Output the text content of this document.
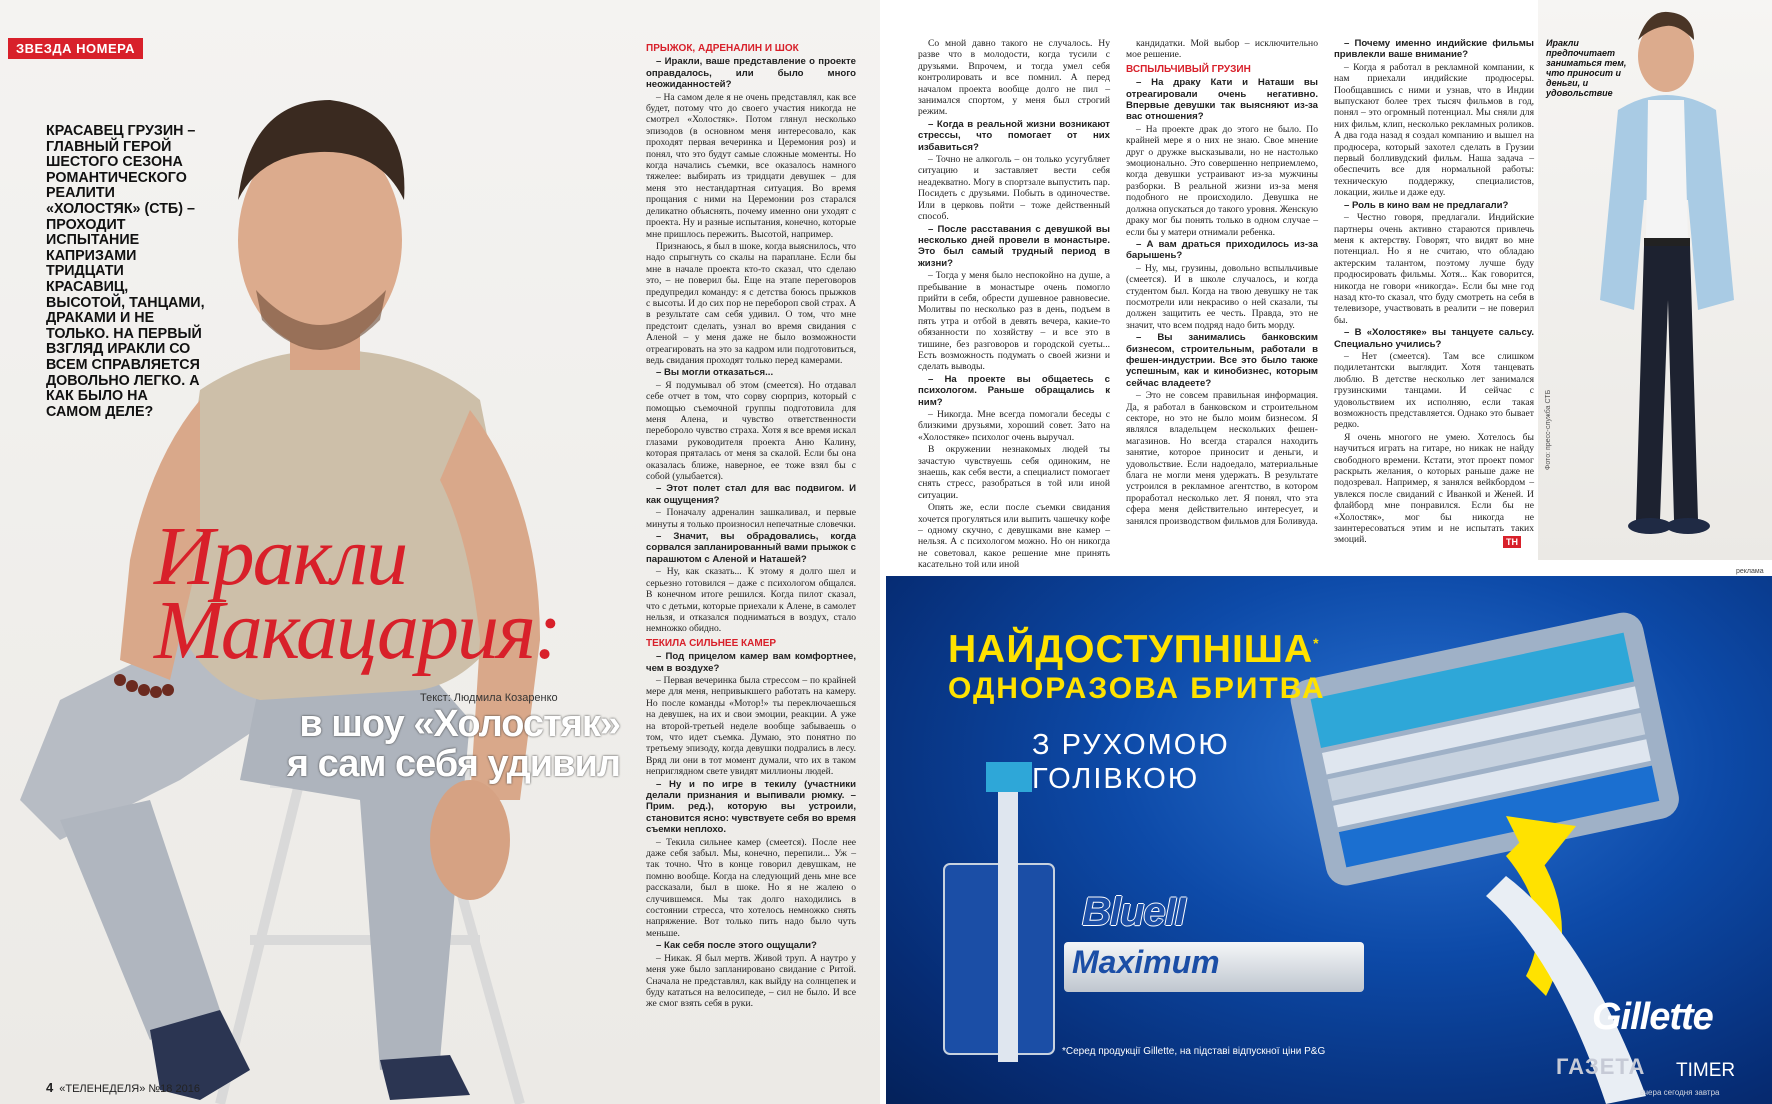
ЗВЕЗДА НОМЕРА
КРАСАВЕЦ ГРУЗИН – ГЛАВНЫЙ ГЕРОЙ ШЕСТОГО СЕЗОНА РОМАНТИЧЕСКОГО РЕАЛИТИ «ХОЛОСТЯК» (СТБ) – ПРОХОДИТ ИСПЫТАНИЕ КАПРИЗАМИ ТРИДЦАТИ КРАСАВИЦ, ВЫСОТОЙ, ТАНЦАМИ, ДРАКАМИ И НЕ ТОЛЬКО. НА ПЕРВЫЙ ВЗГЛЯД ИРАКЛИ СО ВСЕМ СПРАВЛЯЕТСЯ ДОВОЛЬНО ЛЕГКО. А КАК БЫЛО НА САМОМ ДЕЛЕ?
Иракли
Макацария:
Текст: Людмила Козаренко
в шоу «Холостяк»
я сам себя удивил
4 «ТЕЛЕНЕДЕЛЯ» №18 2016
ПРЫЖОК, АДРЕНАЛИН И ШОК

– Иракли, ваше представление о проекте оправдалось, или было много неожиданностей?

– На самом деле я не очень представлял, как все будет, потому что до своего участия никогда не смотрел «Холостяк». Потом глянул несколько эпизодов (в основном меня интересовало, как проходят первая вечеринка и Церемония роз) и понял, что это будут самые сложные моменты. Но когда начались съемки, все оказалось намного тяжелее: выбирать из тридцати девушек – для меня это нестандартная ситуация. Во время прощания с ними на Церемонии роз старался деликатно объяснять, почему именно они уходят с проекта. Ну и разные испытания, конечно, которые мне пришлось пережить. Высотой, например.

Признаюсь, я был в шоке, когда выяснилось, что надо спрыгнуть со скалы на параплане. Если бы мне в начале проекта кто-то сказал, что сделаю это, – не поверил бы. Еще на этапе переговоров предупредил команду: я с детства боюсь прыжков с высоты. И до сих пор не перебороп свой страх. А в результате сам себя удивил. О том, что мне предстоит сделать, узнал во время свидания с Аленой – у меня даже не было возможности отреагировать на это за кадром или подготовиться, ведь свидания проходят только перед камерами.

– Вы могли отказаться...

– Я подумывал об этом (смеется). Но отдавал себе отчет в том, что сорву сюрприз, который с помощью съемочной группы подготовила для меня Алена, и чувство ответственности перебороло чувство страха. Хотя я все время искал глазами руководителя проекта Аню Калину, которая пряталась от меня за скалой. Если бы она оказалась ближе, наверное, ее тоже взял бы с собой (улыбается).

– Этот полет стал для вас подвигом. И как ощущения?

– Поначалу адреналин зашкаливал, и первые минуты я только произносил непечатные словечки.

– Значит, вы обрадовались, когда сорвался запланированный вами прыжок с парашютом с Аленой и Наташей?

– Ну, как сказать... К этому я долго шел и серьезно готовился – даже с психологом общался. В конечном итоге решился. Когда пилот сказал, что с детьми, которые приехали к Алене, в самолет нельзя, и отказался подниматься в воздух, стало немножко обидно.

ТЕКИЛА СИЛЬНЕЕ КАМЕР

– Под прицелом камер вам комфортнее, чем в воздухе?

– Первая вечеринка была стрессом – по крайней мере для меня, непривыкшего работать на камеру. Но после команды «Мотор!» ты переключаешься на девушек, на их и свои эмоции, реакции. А уже на второй-третьей неделе вообще забываешь о том, что идет съемка. Думаю, это понятно по третьему эпизоду, когда девушки подрались в лесу. Вряд ли они в тот момент думали, что их в таком неприглядном свете увидят миллионы людей.

– Ну и по игре в текилу (участники делали признания и выпивали рюмку. – Прим. ред.), которую вы устроили, становится ясно: чувствуете себя во время съемки неплохо.

– Текила сильнее камер (смеется). После нее даже себя забыл. Мы, конечно, перепили... Уж – так точно. Что в конце говорил девушкам, не помню вообще. Когда на следующий день мне все рассказали, был в шоке. Но я не жалею о случившемся. Мы так долго находились в состоянии стресса, что хотелось немножко снять напряжение. Вот только пить надо было чуть меньше.

– Как себя после этого ощущали?

– Никак. Я был мертв. Живой труп. А наутро у меня уже было запланировано свидание с Ритой. Сначала не представлял, как выйду на солнцепек и буду кататься на велосипеде, – сил не было. И все же смог взять себя в руки.

Со мной давно такого не случалось. Ну разве что в молодости, когда тусили с друзьями. Впрочем, и тогда умел себя контролировать и все помнил. А перед началом проекта вообще долго не пил – занимался спортом, у меня был строгий режим.

– Когда в реальной жизни возникают стрессы, что помогает от них избавиться?

– Точно не алкоголь – он только усугубляет ситуацию и заставляет вести себя неадекватно. Могу в спортзале выпустить пар. Посидеть с друзьями. Побыть в одиночестве. Или в церковь пойти – тоже действенный способ.

– После расставания с девушкой вы несколько дней провели в монастыре. Это был самый трудный период в жизни?

– Тогда у меня было неспокойно на душе, а пребывание в монастыре очень помогло прийти в себя, обрести душевное равновесие. Молитвы по несколько раз в день, подъем в пять утра и отбой в девять вечера, какие-то обязанности по хозяйству – и все это в тишине, без разговоров и городской суеты... Есть возможность подумать о своей жизни и сделать выводы.

– На проекте вы общаетесь с психологом. Раньше обращались к ним?

– Никогда. Мне всегда помогали беседы с близкими друзьями, хороший совет. Зато на «Холостяке» психолог очень выручал.

В окружении незнакомых людей ты зачастую чувствуешь себя одиноким, не знаешь, как себя вести, а специалист помогает снять стресс, разобраться в той или иной ситуации.

Опять же, если после съемки свидания хочется прогуляться или выпить чашечку кофе – одному скучно, с девушками вне камер – нельзя. А с психологом можно. Но он никогда не советовал, какое решение мне принять касательно той или иной

кандидатки. Мой выбор – исключительно мое решение.

ВСПЫЛЬЧИВЫЙ ГРУЗИН

– На драку Кати и Наташи вы отреагировали очень негативно. Впервые девушки так выясняют из-за вас отношения?

– На проекте драк до этого не было. По крайней мере я о них не знаю. Свое мнение друг о дружке высказывали, но не настолько эмоционально. Это совершенно неприемлемо, когда девушки устраивают из-за мужчины разборки. В реальной жизни из-за меня подобного не происходило. Девушка не должна опускаться до такого уровня. Женскую драку мог бы понять только в одном случае – если бы у матери отнимали ребенка.

– А вам драться приходилось из-за барышень?

– Ну, мы, грузины, довольно вспыльчивые (смеется). И в школе случалось, и когда студентом был. Когда на твою девушку не так посмотрели или некрасиво о ней сказали, ты должен защитить ее честь. Правда, это не значит, что всем подряд надо бить морду.

– Вы занимались банковским бизнесом, строительным, работали в фешен-индустрии. Все это было также успешным, как и кинобизнес, которым сейчас владеете?

– Это не совсем правильная информация. Да, я работал в банковском и строительном секторе, но это не было моим бизнесом. Я являлся владельцем нескольких фешен-магазинов. Но всегда старался находить занятие, которое приносит и деньги, и удовольствие. Если надоедало, материальные блага не могли меня удержать. В результате устроился в рекламное агентство, в котором проработал несколько лет. Я понял, что эта сфера меня действительно интересует, и занялся производством фильмов для Боливуда.

– Почему именно индийские фильмы привлекли ваше внимание?

– Когда я работал в рекламной компании, к нам приехали индийские продюсеры. Пообщавшись с ними и узнав, что в Индии выпускают более трех тысяч фильмов в год, понял – это огромный потенциал. Мы сняли для них фильм, клип, несколько рекламных роликов. А два года назад я создал компанию и вышел на продюсера, который захотел сделать в Грузии первый болливудский фильм. Наша задача – обеспечить все для нормальной работы: техническую поддержку, специалистов, локации, жилье и даже еду.

– Роль в кино вам не предлагали?

– Честно говоря, предлагали. Индийские партнеры очень активно стараются привлечь меня к актерству. Говорят, что видят во мне потенциал. Но я не считаю, что обладаю актерским талантом, поэтому лучше буду продюсировать фильмы. Хотя... Как говорится, никогда не говори «никогда». Если бы мне год назад кто-то сказал, что буду смотреть на себя в телевизоре, участвовать в реалити – не поверил бы.

– В «Холостяке» вы танцуете сальсу. Специально учились?

– Нет (смеется). Там все слишком подилетантски выглядит. Хотя танцевать люблю. В детстве несколько лет занимался грузинскими танцами. И сейчас с удовольствием их исполняю, если такая возможность представляется. Однако это бывает редко.

Я очень многого не умею. Хотелось бы научиться играть на гитаре, но никак не найду свободного времени. Кстати, этот проект помог раскрыть желания, о которых раньше даже не подозревал. Например, я занялся вейкбордом – увлекся после свиданий с Иванкой и Женей. И флайборд мне понравился. Если бы не «Холостяк», мог бы никогда не заинтересоваться этим и не испытать таких эмоций.	ТН
Иракли предпочитает заниматься тем, что приносит и деньги, и удовольствие
Фото: пресс-служба СТБ
реклама
НАЙДОСТУПНІША*
ОДНОРАЗОВА БРИТВА
З РУХОМОЮ
ГОЛІВКОЮ
BlueII
Maximum
Gillette
*Серед продукції Gillette, на підставі відпускної ціни P&G
ГАЗЕТА TIMER
вчера сегодня завтра
